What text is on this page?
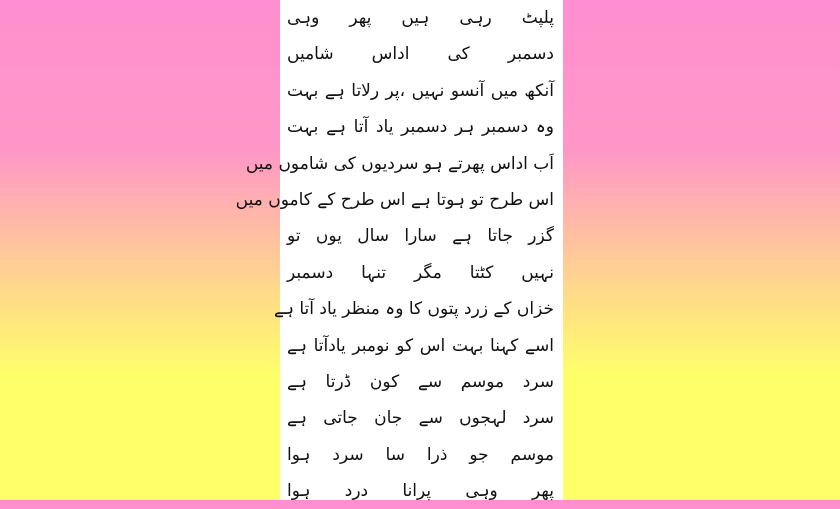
پلپٹ رہی ہیں پھر وہی
دسمبر کی اداس شامیں
آنکھ میں آنسو نہیں ،پر رلاتا ہے بہت
وہ دسمبر ہر دسمبر یاد آتا ہے بہت
اَب اداس پھرتے ہو سردیوں کی شاموں میں
اس طرح تو ہوتا ہے اس طرح کے کاموں میں
گزر جاتا ہے سارا سال یوں تو
نہیں کٹتا مگر تنہا دسمبر
خزاں کے زرد پتوں کا وہ منظر یاد آتا ہے
اسے کہنا بہت اس کو نومبر یادآتا ہے
سرد موسم سے کون ڈرتا ہے
سرد لہجوں سے جان جاتی ہے
موسم جو ذرا سا سرد ہوا
پھر وہی پرانا درد ہوا
